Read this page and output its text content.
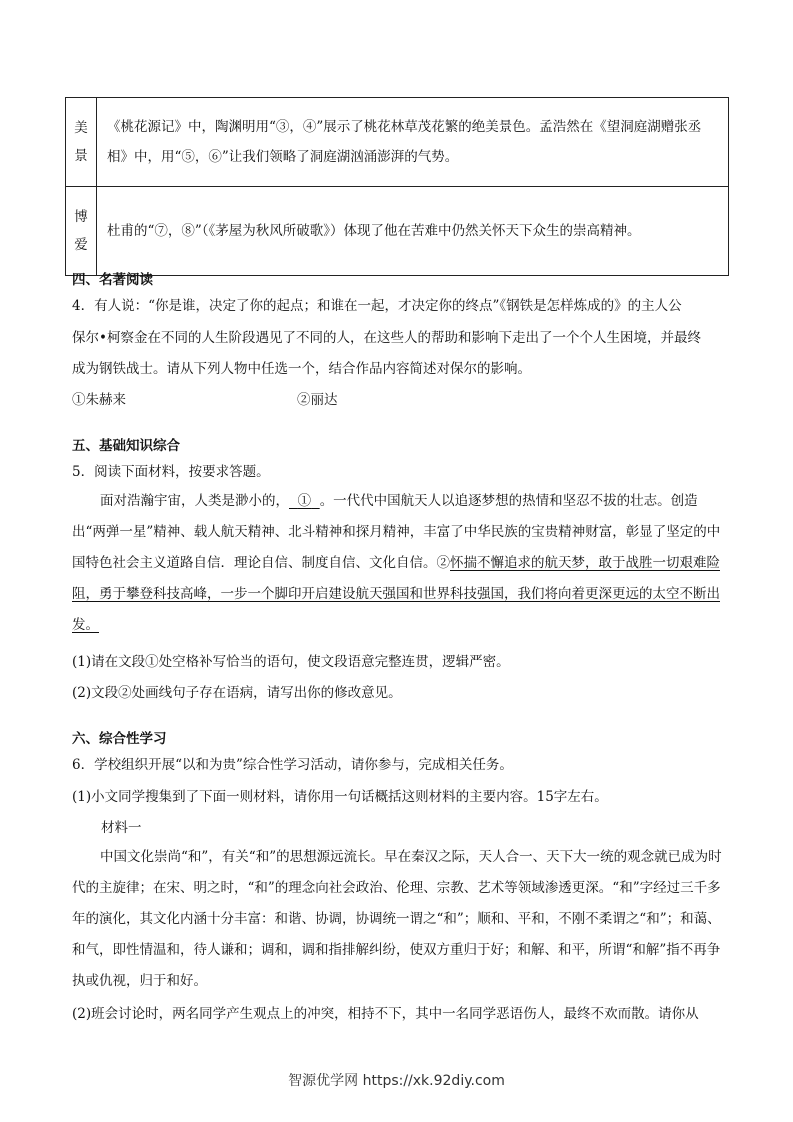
美
景	《桃花源记》中，陶渊明用“③，④”展示了桃花林草茂花繁的绝美景色。孟浩然在《望洞庭湖赠张丞相》中，用“⑤，⑥”让我们领略了洞庭湖汹涌澎湃的气势。
博
爱	杜甫的“⑦，⑧”（《茅屋为秋风所破歌》）体现了他在苦难中仍然关怀天下众生的崇高精神。
四、名著阅读
4．有人说：“你是谁，决定了你的起点；和谁在一起，才决定你的终点”《钢铁是怎样炼成的》的主人公
保尔•柯察金在不同的人生阶段遇见了不同的人，在这些人的帮助和影响下走出了一个个人生困境，并最终
成为钢铁战士。请从下列人物中任选一个，结合作品内容简述对保尔的影响。
①朱赫来	②丽达
五、基础知识综合
5．阅读下面材料，按要求答题。
面对浩瀚宇宙，人类是渺小的， ① 。一代代中国航天人以追逐梦想的热情和坚忍不拔的壮志。创造出“两弹一星”精神、载人航天精神、北斗精神和探月精神，丰富了中华民族的宝贵精神财富，彰显了坚定的中国特色社会主义道路自信．理论自信、制度自信、文化自信。②怀揣不懈追求的航天梦，敢于战胜一切艰难险阻，勇于攀登科技高峰，一步一个脚印开启建设航天强国和世界科技强国，我们将向着更深更远的太空不断出发。
(1)请在文段①处空格补写恰当的语句，使文段语意完整连贯，逻辑严密。
(2)文段②处画线句子存在语病，请写出你的修改意见。
六、综合性学习
6．学校组织开展“以和为贵”综合性学习活动，请你参与，完成相关任务。
(1)小文同学搜集到了下面一则材料，请你用一句话概括这则材料的主要内容。15字左右。
材料一
中国文化崇尚“和”，有关“和”的思想源远流长。早在秦汉之际，天人合一、天下大一统的观念就已成为时代的主旋律；在宋、明之时，“和”的理念向社会政治、伦理、宗教、艺术等领域渗透更深。“和”字经过三千多年的演化，其文化内涵十分丰富：和谐、协调，协调统一谓之“和”；顺和、平和，不刚不柔谓之“和”；和蔼、和气，即性情温和，待人谦和；调和，调和指排解纠纷，使双方重归于好；和解、和平，所谓“和解”指不再争执或仇视，归于和好。
(2)班会讨论时，两名同学产生观点上的冲突，相持不下，其中一名同学恶语伤人，最终不欢而散。请你从
智源优学网 https://xk.92diy.com
